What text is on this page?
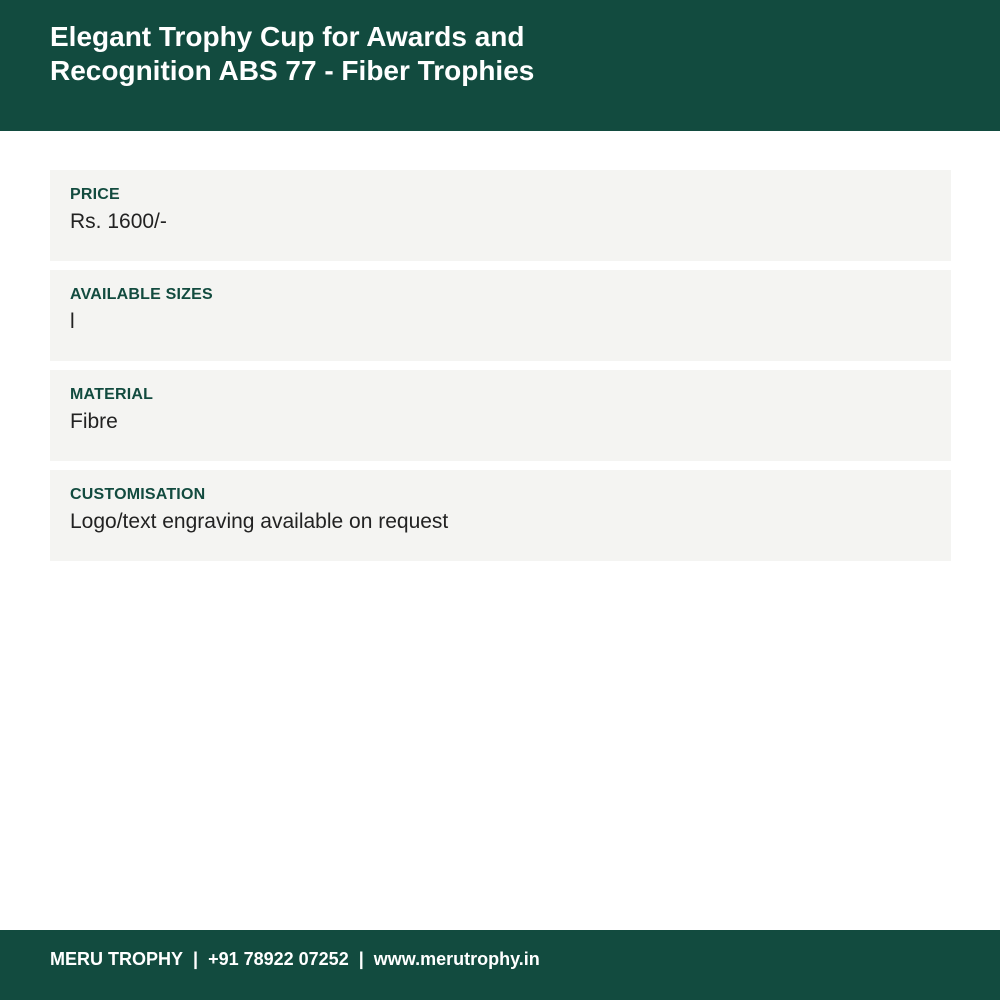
Elegant Trophy Cup for Awards and
Recognition ABS 77 - Fiber Trophies
PRICE
Rs. 1600/-
AVAILABLE SIZES
l
MATERIAL
Fibre
CUSTOMISATION
Logo/text engraving available on request
MERU TROPHY | +91 78922 07252 | www.merutrophy.in
